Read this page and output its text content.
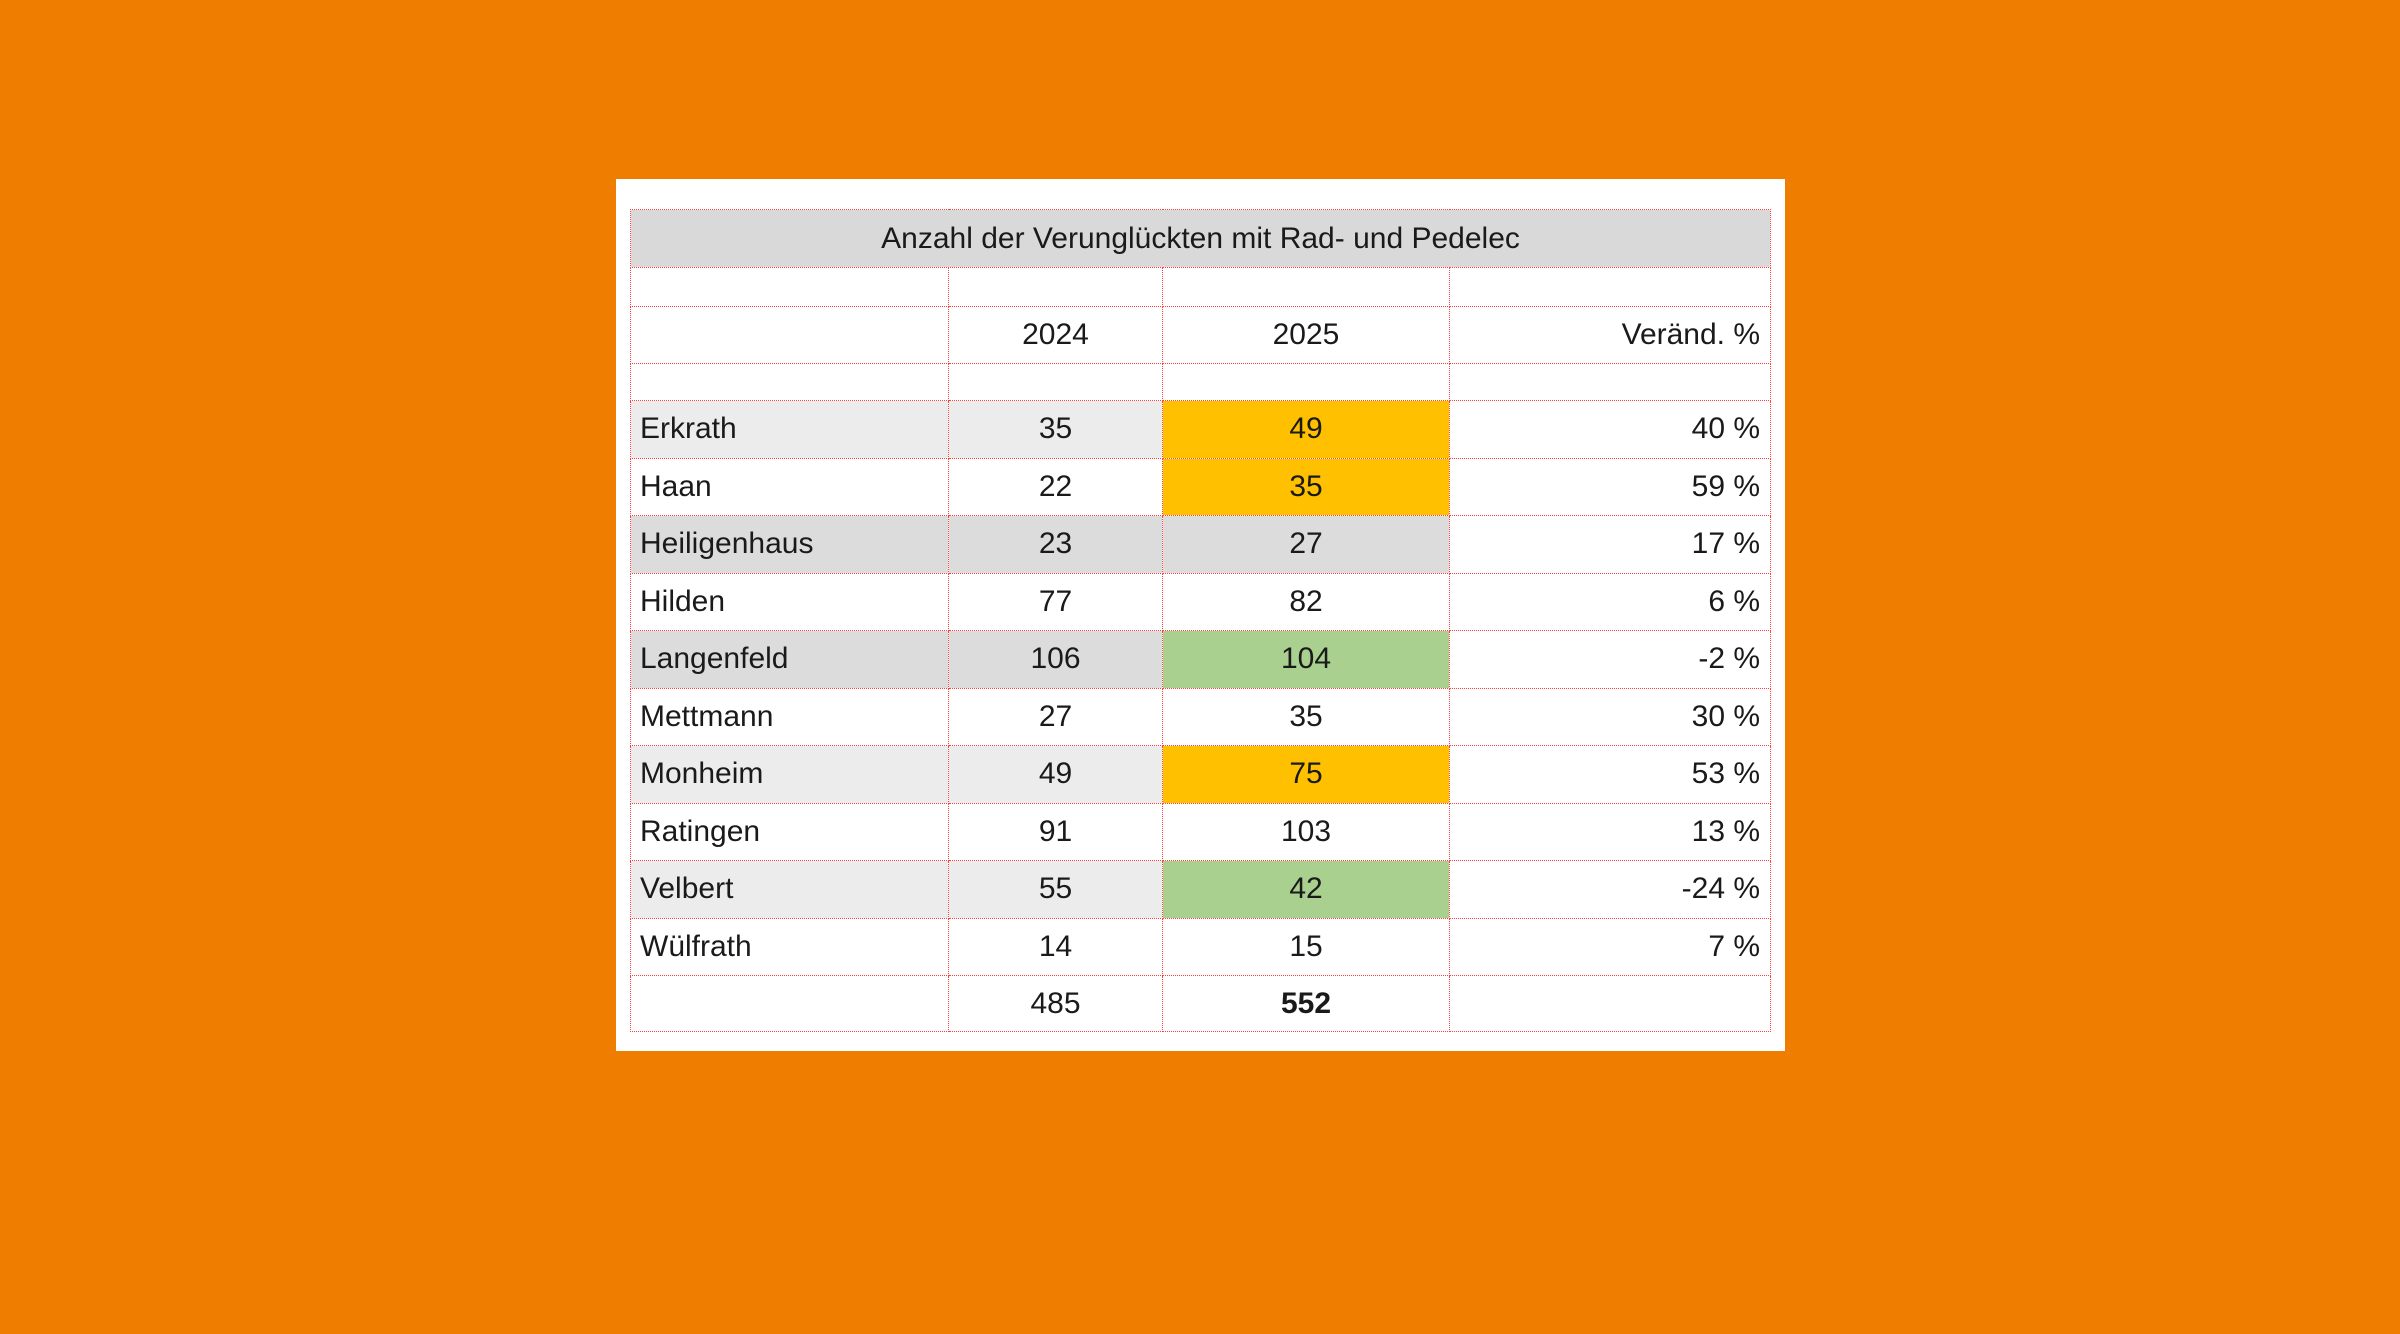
Anzahl der Verunglückten mit Rad- und Pedelec			

	2024	2025	Veränd. %

Erkrath	35	49	40 %
Haan	22	35	59 %
Heiligenhaus	23	27	17 %
Hilden	77	82	6 %
Langenfeld	106	104	-2 %
Mettmann	27	35	30 %
Monheim	49	75	53 %
Ratingen	91	103	13 %
Velbert	55	42	-24 %
Wülfrath	14	15	7 %
	485	552	
